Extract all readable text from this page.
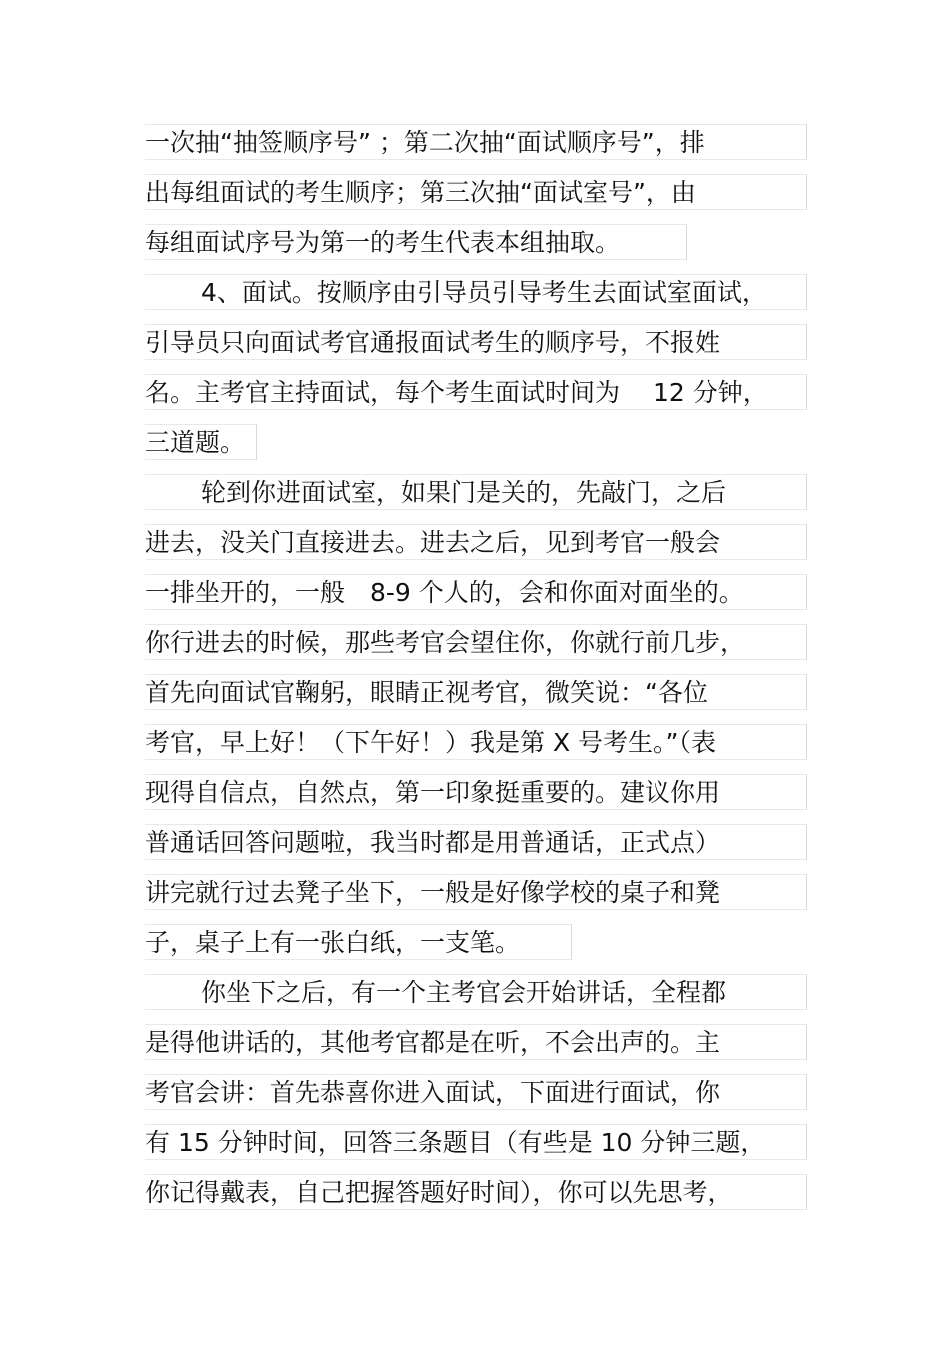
一次抽“抽签顺序号” ；第二次抽“面试顺序号”，排
出每组面试的考生顺序；第三次抽“面试室号”，由
每组面试序号为第一的考生代表本组抽取。
4、面试。按顺序由引导员引导考生去面试室面试，
引导员只向面试考官通报面试考生的顺序号，不报姓
名。主考官主持面试，每个考生面试时间为　 12 分钟，
三道题。
轮到你进面试室，如果门是关的，先敲门，之后
进去，没关门直接进去。进去之后，见到考官一般会
一排坐开的，一般　8-9 个人的，会和你面对面坐的。
你行进去的时候，那些考官会望住你，你就行前几步，
首先向面试官鞠躬，眼睛正视考官，微笑说：“各位
考官，早上好！（下午好！）我是第 X 号考生。”（表
现得自信点，自然点，第一印象挺重要的。建议你用
普通话回答问题啦，我当时都是用普通话，正式点）
讲完就行过去凳子坐下，一般是好像学校的桌子和凳
子，桌子上有一张白纸，一支笔。
你坐下之后，有一个主考官会开始讲话，全程都
是得他讲话的，其他考官都是在听，不会出声的。主
考官会讲：首先恭喜你进入面试，下面进行面试，你
有 15 分钟时间，回答三条题目（有些是 10 分钟三题，
你记得戴表，自己把握答题好时间），你可以先思考，
